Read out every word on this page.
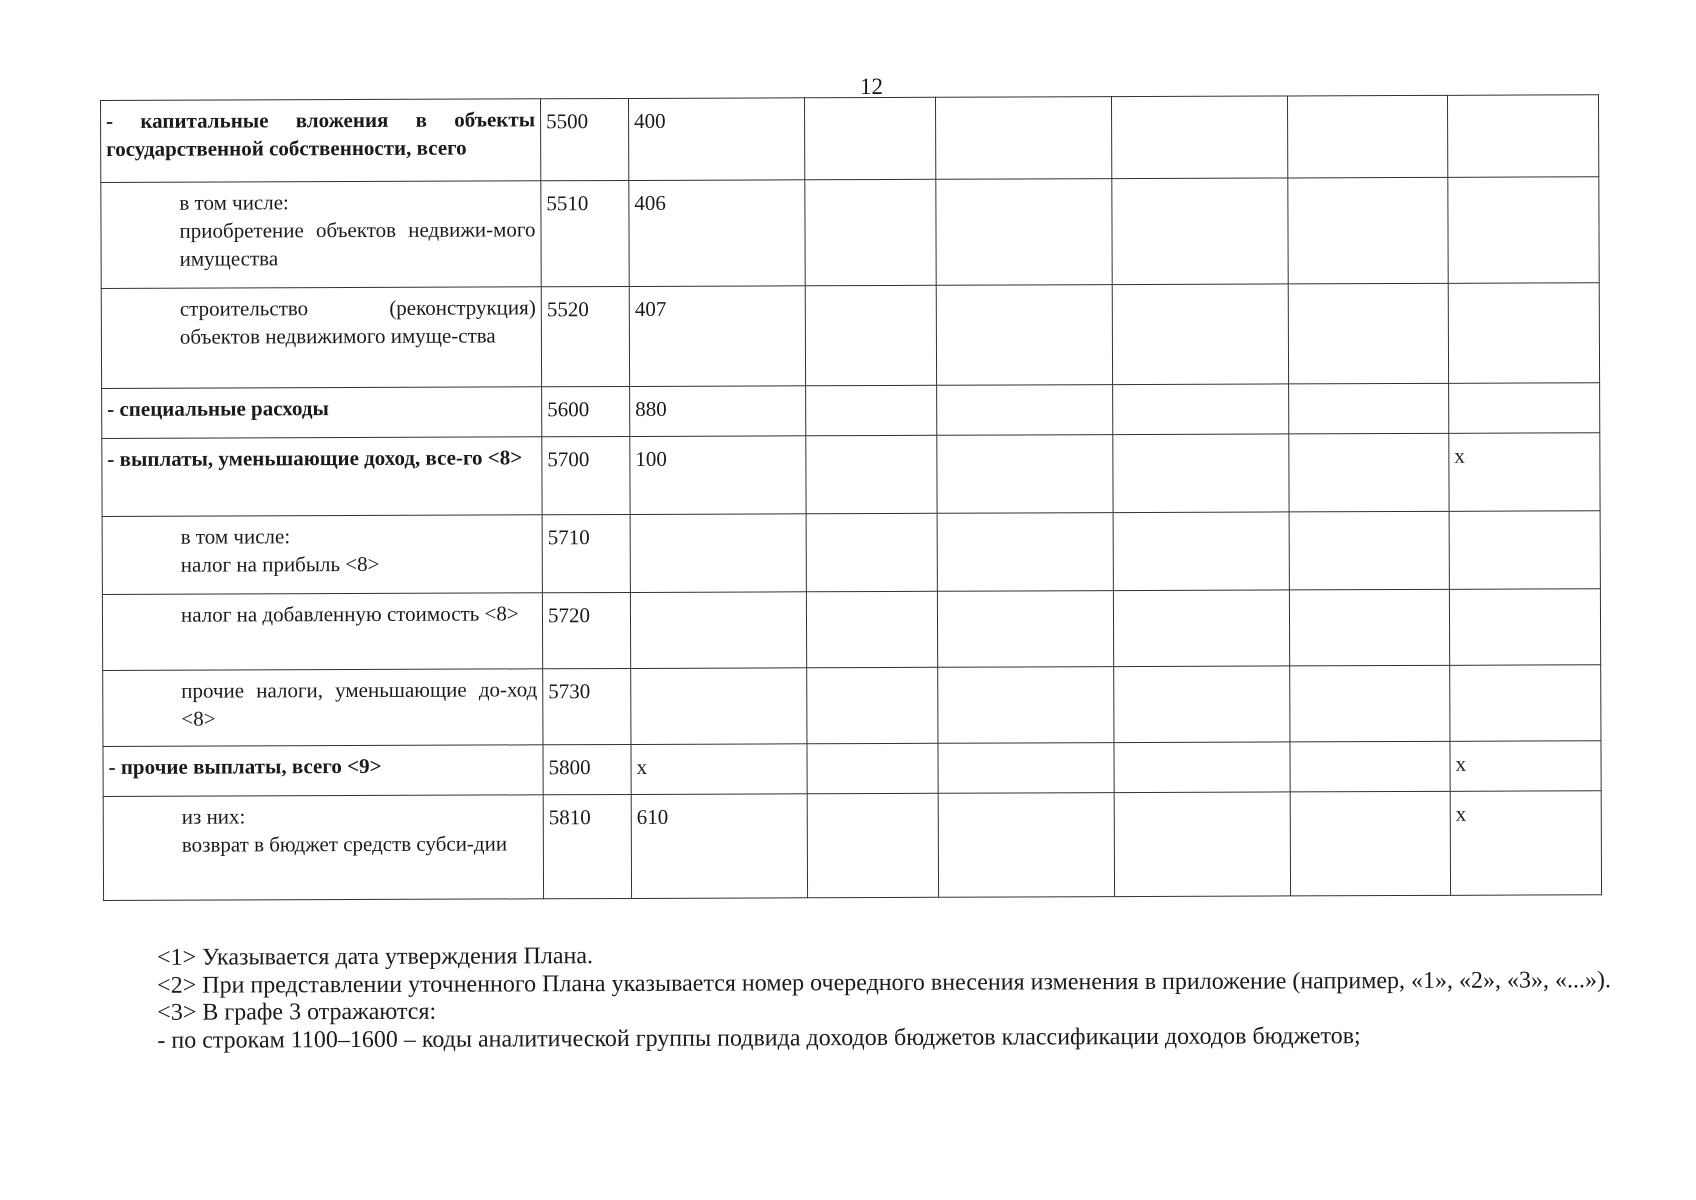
12
- капитальные вложения в объекты государственной собственности, всего	5500	400					
в том числе:
приобретение объектов недвижи-мого имущества	5510	406					
строительство (реконструкция) объектов недвижимого имуще-ства	5520	407					
- специальные расходы	5600	880					
- выплаты, уменьшающие доход, все-го <8>	5700	100					х
в том числе:
налог на прибыль <8>	5710						
налог на добавленную стоимость <8>	5720						
прочие налоги, уменьшающие до-ход <8>	5730						
- прочие выплаты, всего <9>	5800	х					х
из них:
возврат в бюджет средств субси-дии	5810	610					х
<1> Указывается дата утверждения Плана.
<2> При представлении уточненного Плана указывается номер очередного внесения изменения в приложение (например, «1», «2», «3», «...»).
<3> В графе 3 отражаются:
- по строкам 1100–1600 – коды аналитической группы подвида доходов бюджетов классификации доходов бюджетов;
